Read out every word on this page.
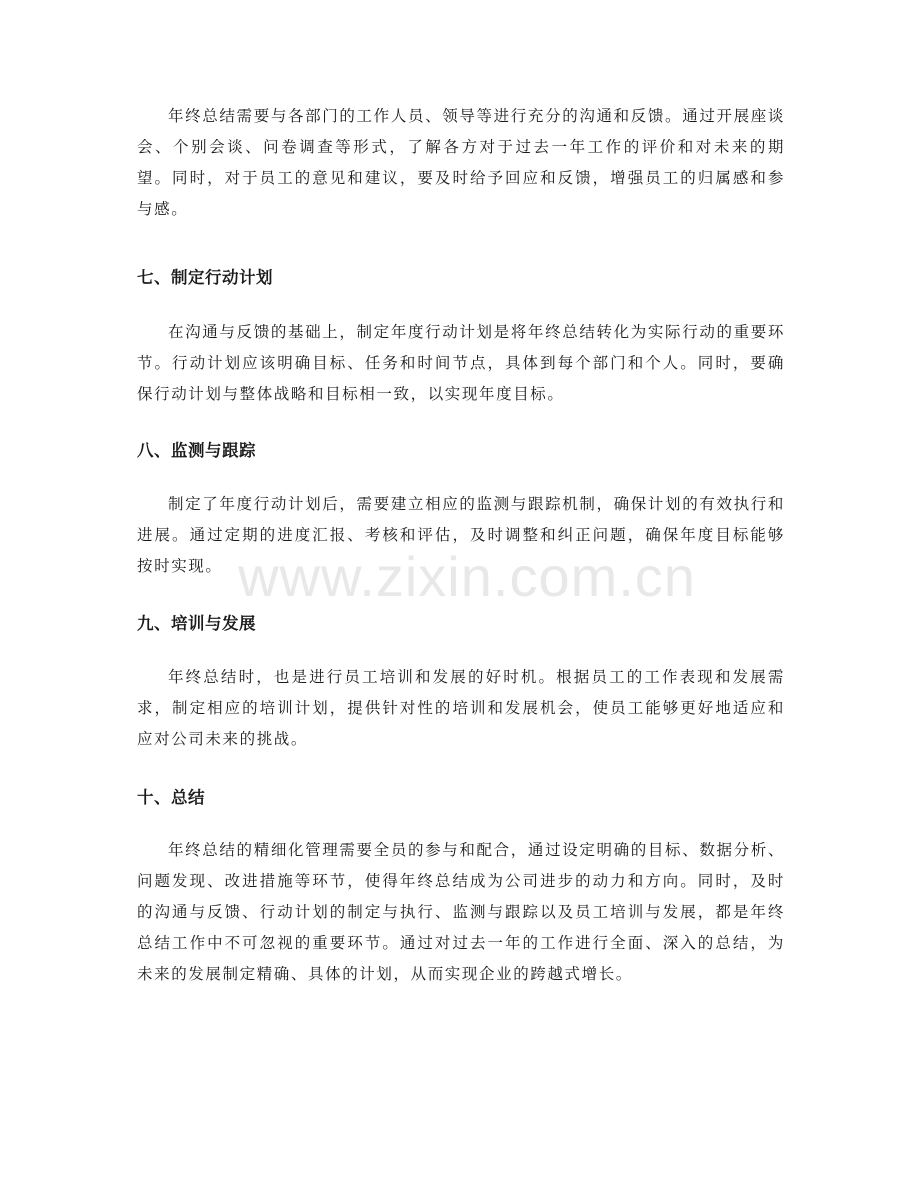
年终总结需要与各部门的工作人员、领导等进行充分的沟通和反馈。通过开展座谈会、个别会谈、问卷调查等形式，了解各方对于过去一年工作的评价和对未来的期望。同时，对于员工的意见和建议，要及时给予回应和反馈，增强员工的归属感和参与感。

七、制定行动计划

在沟通与反馈的基础上，制定年度行动计划是将年终总结转化为实际行动的重要环节。行动计划应该明确目标、任务和时间节点，具体到每个部门和个人。同时，要确保行动计划与整体战略和目标相一致，以实现年度目标。

八、监测与跟踪

制定了年度行动计划后，需要建立相应的监测与跟踪机制，确保计划的有效执行和进展。通过定期的进度汇报、考核和评估，及时调整和纠正问题，确保年度目标能够按时实现。

九、培训与发展

年终总结时，也是进行员工培训和发展的好时机。根据员工的工作表现和发展需求，制定相应的培训计划，提供针对性的培训和发展机会，使员工能够更好地适应和应对公司未来的挑战。

十、总结

年终总结的精细化管理需要全员的参与和配合，通过设定明确的目标、数据分析、问题发现、改进措施等环节，使得年终总结成为公司进步的动力和方向。同时，及时的沟通与反馈、行动计划的制定与执行、监测与跟踪以及员工培训与发展，都是年终总结工作中不可忽视的重要环节。通过对过去一年的工作进行全面、深入的总结，为未来的发展制定精确、具体的计划，从而实现企业的跨越式增长。

www.zixin.com.cn
